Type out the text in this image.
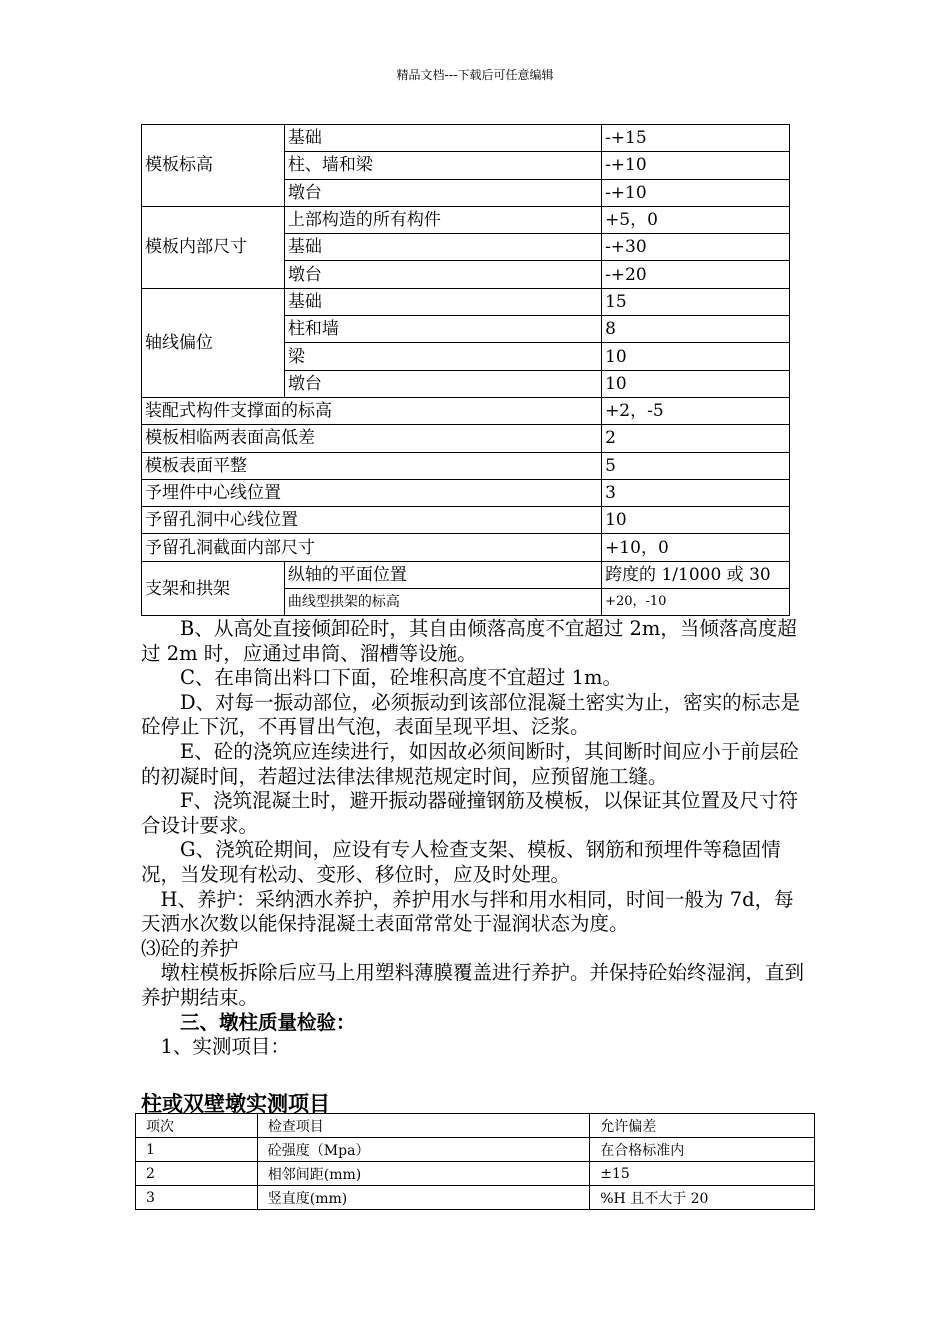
精品文档---下载后可任意编辑
模板标高	基础	-+15
	柱、墙和梁	-+10
	墩台	-+10
模板内部尺寸	上部构造的所有构件	+5，0
	基础	-+30
	墩台	-+20
轴线偏位	基础	15
	柱和墙	8
	梁	10
	墩台	10
装配式构件支撑面的标高		+2，-5
模板相临两表面高低差		2
模板表面平整		5
予埋件中心线位置		3
予留孔洞中心线位置		10
予留孔洞截面内部尺寸		+10，0
支架和拱架	纵轴的平面位置	跨度的 1/1000 或 30
	曲线型拱架的标高	+20，-10

B、从高处直接倾卸砼时，其自由倾落高度不宜超过 2m，当倾落高度超过 2m 时，应通过串筒、溜槽等设施。

C、在串筒出料口下面，砼堆积高度不宜超过 1m。

D、对每一振动部位，必须振动到该部位混凝土密实为止，密实的标志是砼停止下沉，不再冒出气泡，表面呈现平坦、泛浆。

E、砼的浇筑应连续进行，如因故必须间断时，其间断时间应小于前层砼的初凝时间，若超过法律法律规范规定时间，应预留施工缝。

F、浇筑混凝土时，避开振动器碰撞钢筋及模板，以保证其位置及尺寸符合设计要求。

G、浇筑砼期间，应设有专人检查支架、模板、钢筋和预埋件等稳固情况，当发现有松动、变形、移位时，应及时处理。

H、养护：采纳洒水养护，养护用水与拌和用水相同，时间一般为 7d，每天洒水次数以能保持混凝土表面常常处于湿润状态为度。

⑶砼的养护

墩柱模板拆除后应马上用塑料薄膜覆盖进行养护。并保持砼始终湿润，直到养护期结束。

三、墩柱质量检验：

1、实测项目：

柱或双壁墩实测项目
项次	检查项目	允许偏差
1	砼强度（Mpa）	在合格标准内
2	相邻间距(mm)	±15
3	竖直度(mm)	%H 且不大于 20
